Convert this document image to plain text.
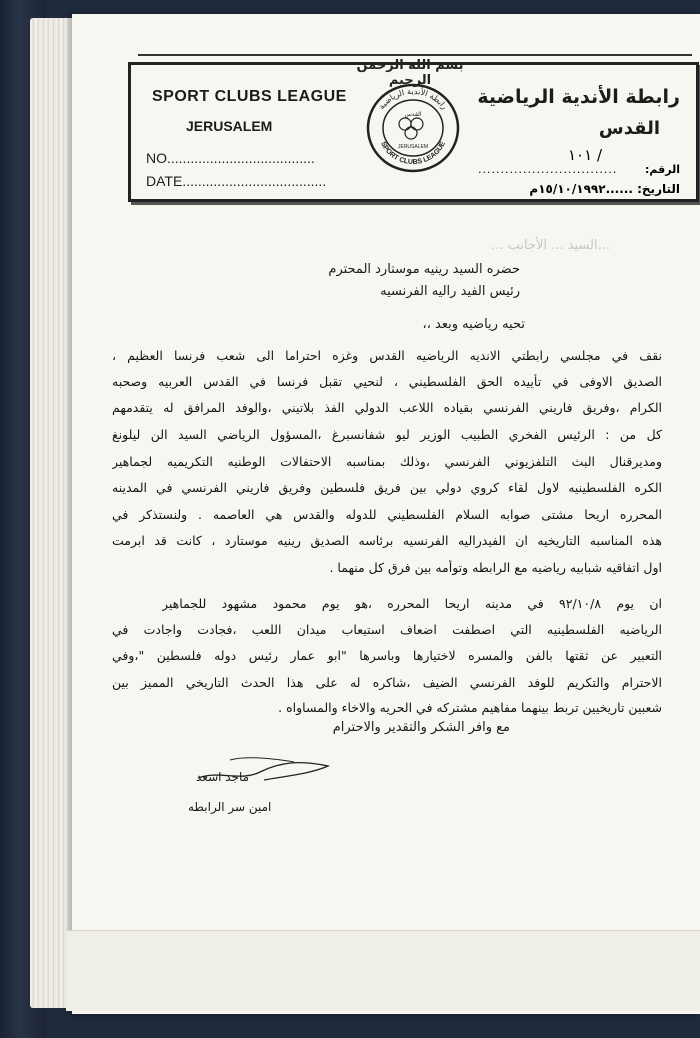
بسم الله الرحمن الرحيم
SPORT CLUBS LEAGUE
JERUSALEM
NO......................................
DATE.....................................
رابطة الأندية الرياضية
SPORT CLUBS LEAGUE
القدس
JERUSALEM
رابطة الأندية الرياضية
القدس
/ ١٠١
...............................	الرقم:
التاريخ: ......١٥/١٠/١٩٩٢م
...السيد ... الأجانب ...
حضره السيد رينيه موستارد المحترم
رئيس الفيد راليه الفرنسيه
تحيه رياضيه وبعد ،،
نقف في مجلسي رابطتي الانديه الرياضيه القدس وغزه احتراما الى شعب فرنسا العظيم ،
الصديق الاوفى في تأييده الحق الفلسطيني ، لنحيي تقبل فرنسا في القدس العربيه وصحبه
الكرام ،وفريق فاريني الفرنسي بقياده اللاعب الدولي الفذ بلاتيني ،والوفد المرافق له يتقدمهم
كل من : الرئيس الفخري الطبيب الوزير ليو شفانسبرغ ،المسؤول الرياضي السيد الن ليلونغ
ومديرقنال البث التلفزيوني الفرنسي ،وذلك بمناسبه الاحتفالات الوطنيه التكريميه لجماهير
الكره الفلسطينيه لاول لقاء كروي دولي بين فريق فلسطين وفريق فاريني الفرنسي في المدينه
المحرره اريحا مشتى صوابه السلام الفلسطيني للدوله والقدس هي العاصمه . ولنستذكر في
هذه المناسبه التاريخيه ان الفيدراليه الفرنسيه برئاسه الصديق رينيه موستارد ، كانت قد ابرمت
اول اتفاقيه شبابيه رياضيه مع الرابطه وتوأمه بين فرق كل منهما .
ان يوم ٩٢/١٠/٨ في مدينه اريحا المحرره ،هو يوم محمود مشهود للجماهير
الرياضيه الفلسطينيه التي اصطفت اضعاف استيعاب ميدان اللعب ،فجادت واجادت في
التعبير عن ثقتها بالفن والمسره لاختيارها وباسرها "ابو عمار رئيس دوله فلسطين "،وفي
الاحترام والتكريم للوفد الفرنسي الضيف ،شاكره له على هذا الحدث التاريخي المميز بين
شعبين تاريخيين تربط بينهما مفاهيم مشتركه في الحريه والاخاء والمساواه .
مع وافر الشكر والتقدير والاحترام
ماجد اسعد
امين سر الرابطه
